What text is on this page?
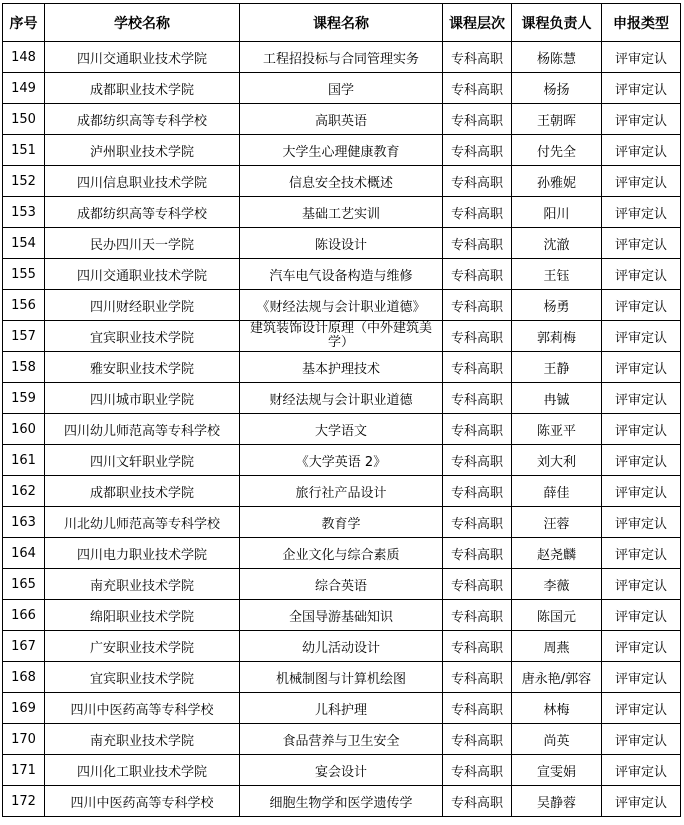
序号	学校名称	课程名称	课程层次	课程负责人	申报类型
148	四川交通职业技术学院	工程招投标与合同管理实务	专科高职	杨陈慧	评审定认
149	成都职业技术学院	国学	专科高职	杨扬	评审定认
150	成都纺织高等专科学校	高职英语	专科高职	王朝晖	评审定认
151	泸州职业技术学院	大学生心理健康教育	专科高职	付先全	评审定认
152	四川信息职业技术学院	信息安全技术概述	专科高职	孙雅妮	评审定认
153	成都纺织高等专科学校	基础工艺实训	专科高职	阳川	评审定认
154	民办四川天一学院	陈设设计	专科高职	沈澈	评审定认
155	四川交通职业技术学院	汽车电气设备构造与维修	专科高职	王钰	评审定认
156	四川财经职业学院	《财经法规与会计职业道德》	专科高职	杨勇	评审定认
157	宜宾职业技术学院	建筑装饰设计原理（中外建筑美学）	专科高职	郭莉梅	评审定认
158	雅安职业技术学院	基本护理技术	专科高职	王静	评审定认
159	四川城市职业学院	财经法规与会计职业道德	专科高职	冉铖	评审定认
160	四川幼儿师范高等专科学校	大学语文	专科高职	陈亚平	评审定认
161	四川文轩职业学院	《大学英语 2》	专科高职	刘大利	评审定认
162	成都职业技术学院	旅行社产品设计	专科高职	薛佳	评审定认
163	川北幼儿师范高等专科学校	教育学	专科高职	汪蓉	评审定认
164	四川电力职业技术学院	企业文化与综合素质	专科高职	赵尧麟	评审定认
165	南充职业技术学院	综合英语	专科高职	李薇	评审定认
166	绵阳职业技术学院	全国导游基础知识	专科高职	陈国元	评审定认
167	广安职业技术学院	幼儿活动设计	专科高职	周燕	评审定认
168	宜宾职业技术学院	机械制图与计算机绘图	专科高职	唐永艳/郭容	评审定认
169	四川中医药高等专科学校	儿科护理	专科高职	林梅	评审定认
170	南充职业技术学院	食品营养与卫生安全	专科高职	尚英	评审定认
171	四川化工职业技术学院	宴会设计	专科高职	宣雯娟	评审定认
172	四川中医药高等专科学校	细胞生物学和医学遗传学	专科高职	吴静蓉	评审定认
